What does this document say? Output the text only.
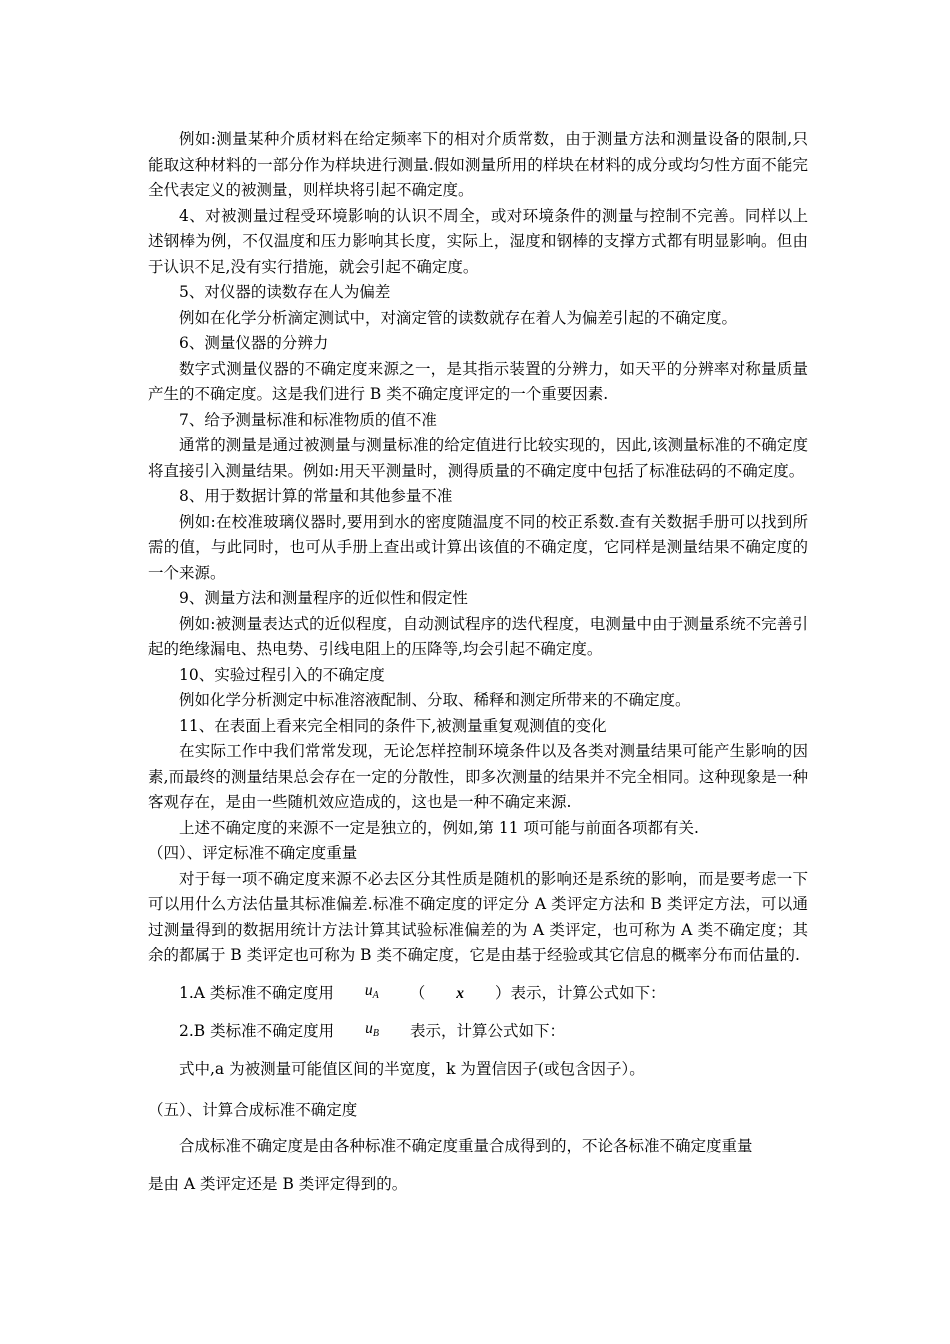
例如:测量某种介质材料在给定频率下的相对介质常数，由于测量方法和测量设备的限制,只能取这种材料的一部分作为样块进行测量.假如测量所用的样块在材料的成分或均匀性方面不能完全代表定义的被测量，则样块将引起不确定度。

4、对被测量过程受环境影响的认识不周全，或对环境条件的测量与控制不完善。同样以上述钢棒为例，不仅温度和压力影响其长度，实际上，湿度和钢棒的支撑方式都有明显影响。但由于认识不足,没有实行措施，就会引起不确定度。

5、对仪器的读数存在人为偏差

例如在化学分析滴定测试中，对滴定管的读数就存在着人为偏差引起的不确定度。

6、测量仪器的分辨力

数字式测量仪器的不确定度来源之一，是其指示装置的分辨力，如天平的分辨率对称量质量产生的不确定度。这是我们进行 B 类不确定度评定的一个重要因素.

7、给予测量标准和标准物质的值不准

通常的测量是通过被测量与测量标准的给定值进行比较实现的，因此,该测量标准的不确定度将直接引入测量结果。例如:用天平测量时，测得质量的不确定度中包括了标准砝码的不确定度。

8、用于数据计算的常量和其他参量不准

例如:在校准玻璃仪器时,要用到水的密度随温度不同的校正系数.查有关数据手册可以找到所需的值，与此同时，也可从手册上查出或计算出该值的不确定度，它同样是测量结果不确定度的一个来源。

9、测量方法和测量程序的近似性和假定性

例如:被测量表达式的近似程度，自动测试程序的迭代程度，电测量中由于测量系统不完善引起的绝缘漏电、热电势、引线电阻上的压降等,均会引起不确定度。

10、实验过程引入的不确定度

例如化学分析测定中标准溶液配制、分取、稀释和测定所带来的不确定度。

11、在表面上看来完全相同的条件下,被测量重复观测值的变化

在实际工作中我们常常发现，无论怎样控制环境条件以及各类对测量结果可能产生影响的因素,而最终的测量结果总会存在一定的分散性，即多次测量的结果并不完全相同。这种现象是一种客观存在，是由一些随机效应造成的，这也是一种不确定来源.

上述不确定度的来源不一定是独立的，例如,第 11 项可能与前面各项都有关.

（四）、评定标准不确定度重量

对于每一项不确定度来源不必去区分其性质是随机的影响还是系统的影响，而是要考虑一下可以用什么方法估量其标准偏差.标准不确定度的评定分 A 类评定方法和 B 类评定方法，可以通过测量得到的数据用统计方法计算其试验标准偏差的为 A 类评定，也可称为 A 类不确定度；其余的都属于 B 类评定也可称为 B 类不确定度，它是由基于经验或其它信息的概率分布而估量的.

1.A 类标准不确定度用	$u_A$	（	x	）表示，计算公式如下：
2.B 类标准不确定度用	$u_B$	表示，计算公式如下：
式中,a 为被测量可能值区间的半宽度，k 为置信因子(或包含因子）。

（五）、计算合成标准不确定度

合成标准不确定度是由各种标准不确定度重量合成得到的，不论各标准不确定度重量

是由 A 类评定还是 B 类评定得到的。
